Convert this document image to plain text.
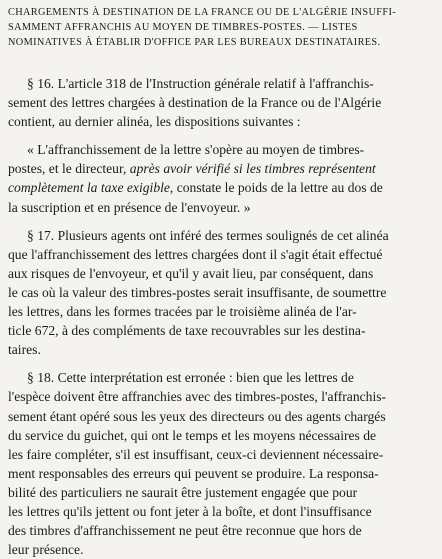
CHARGEMENTS À DESTINATION DE LA FRANCE OU DE L'ALGÉRIE INSUFFI-
SAMMENT AFFRANCHIS AU MOYEN DE TIMBRES-POSTES. — LISTES
NOMINATIVES À ÉTABLIR D'OFFICE PAR LES BUREAUX DESTINATAIRES.
§ 16. L'article 318 de l'Instruction générale relatif à l'affranchis-
sement des lettres chargées à destination de la France ou de l'Algérie
contient, au dernier alinéa, les dispositions suivantes :
« L'affranchissement de la lettre s'opère au moyen de timbres-
postes, et le directeur, après avoir vérifié si les timbres représentent
complètement la taxe exigible, constate le poids de la lettre au dos de
la suscription et en présence de l'envoyeur. »
§ 17. Plusieurs agents ont inféré des termes soulignés de cet alinéa
que l'affranchissement des lettres chargées dont il s'agit était effectué
aux risques de l'envoyeur, et qu'il y avait lieu, par conséquent, dans
le cas où la valeur des timbres-postes serait insuffisante, de soumettre
les lettres, dans les formes tracées par le troisième alinéa de l'ar-
ticle 672, à des compléments de taxe recouvrables sur les destina-
taires.
§ 18. Cette interprétation est erronée : bien que les lettres de
l'espèce doivent être affranchies avec des timbres-postes, l'affranchis-
sement étant opéré sous les yeux des directeurs ou des agents chargés
du service du guichet, qui ont le temps et les moyens nécessaires de
les faire compléter, s'il est insuffisant, ceux-ci deviennent nécessaire-
ment responsables des erreurs qui peuvent se produire. La responsa-
bilité des particuliers ne saurait être justement engagée que pour
les lettres qu'ils jettent ou font jeter à la boîte, et dont l'insuffisance
des timbres d'affranchissement ne peut être reconnue que hors de
leur présence.
